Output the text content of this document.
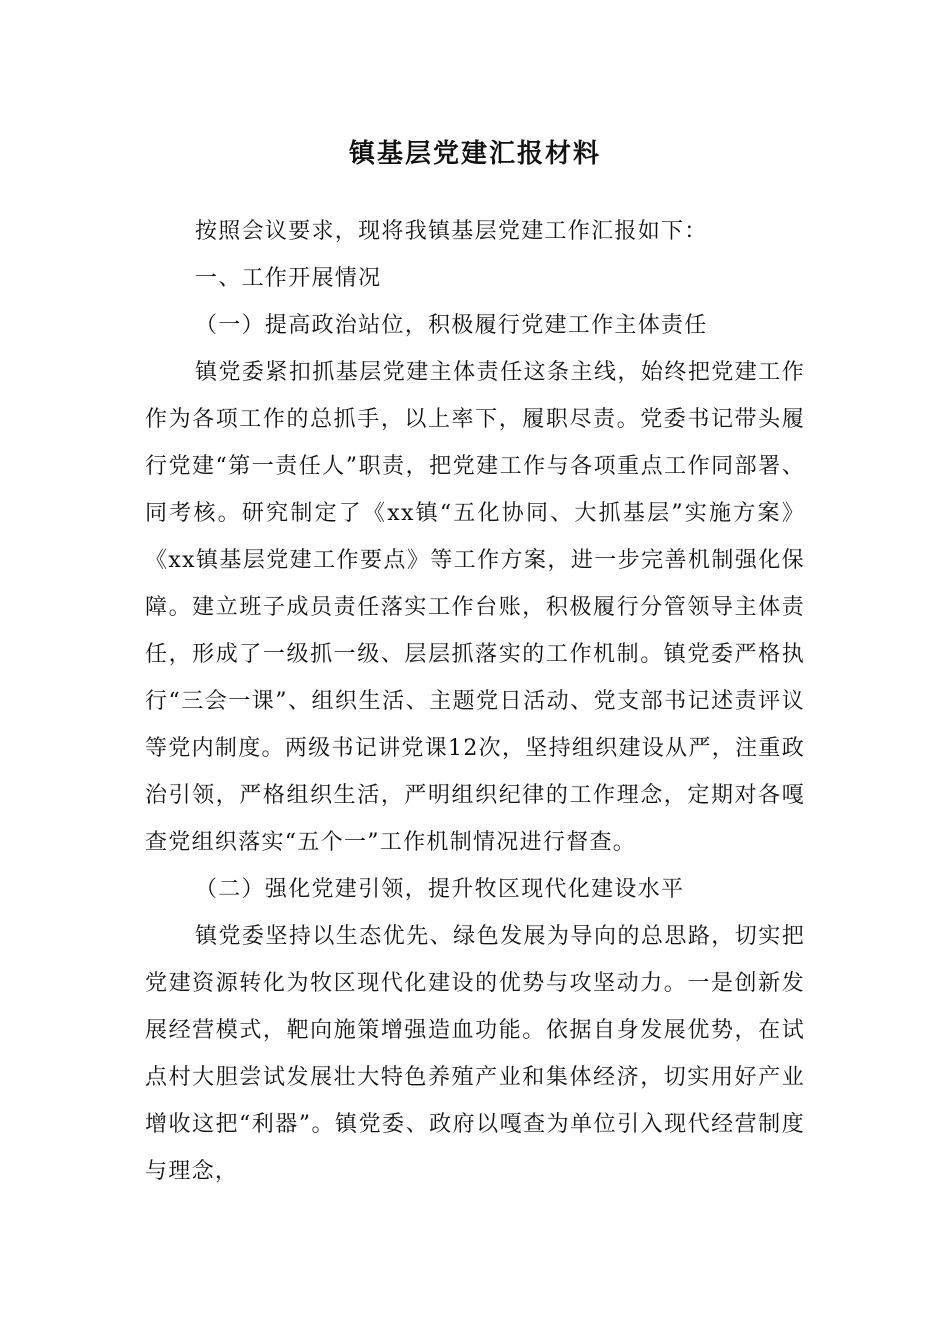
镇基层党建汇报材料

按照会议要求，现将我镇基层党建工作汇报如下：

一、工作开展情况

（一）提高政治站位，积极履行党建工作主体责任

镇党委紧扣抓基层党建主体责任这条主线，始终把党建工作作为各项工作的总抓手，以上率下，履职尽责。党委书记带头履行党建“第一责任人”职责，把党建工作与各项重点工作同部署、同考核。研究制定了《xx镇“五化协同、大抓基层”实施方案》《xx镇基层党建工作要点》等工作方案，进一步完善机制强化保障。建立班子成员责任落实工作台账，积极履行分管领导主体责任，形成了一级抓一级、层层抓落实的工作机制。镇党委严格执行“三会一课”、组织生活、主题党日活动、党支部书记述责评议等党内制度。两级书记讲党课12次，坚持组织建设从严，注重政治引领，严格组织生活，严明组织纪律的工作理念，定期对各嘎查党组织落实“五个一”工作机制情况进行督查。

（二）强化党建引领，提升牧区现代化建设水平

镇党委坚持以生态优先、绿色发展为导向的总思路，切实把党建资源转化为牧区现代化建设的优势与攻坚动力。一是创新发展经营模式，靶向施策增强造血功能。依据自身发展优势，在试点村大胆尝试发展壮大特色养殖产业和集体经济，切实用好产业增收这把“利器”。镇党委、政府以嘎查为单位引入现代经营制度与理念，
